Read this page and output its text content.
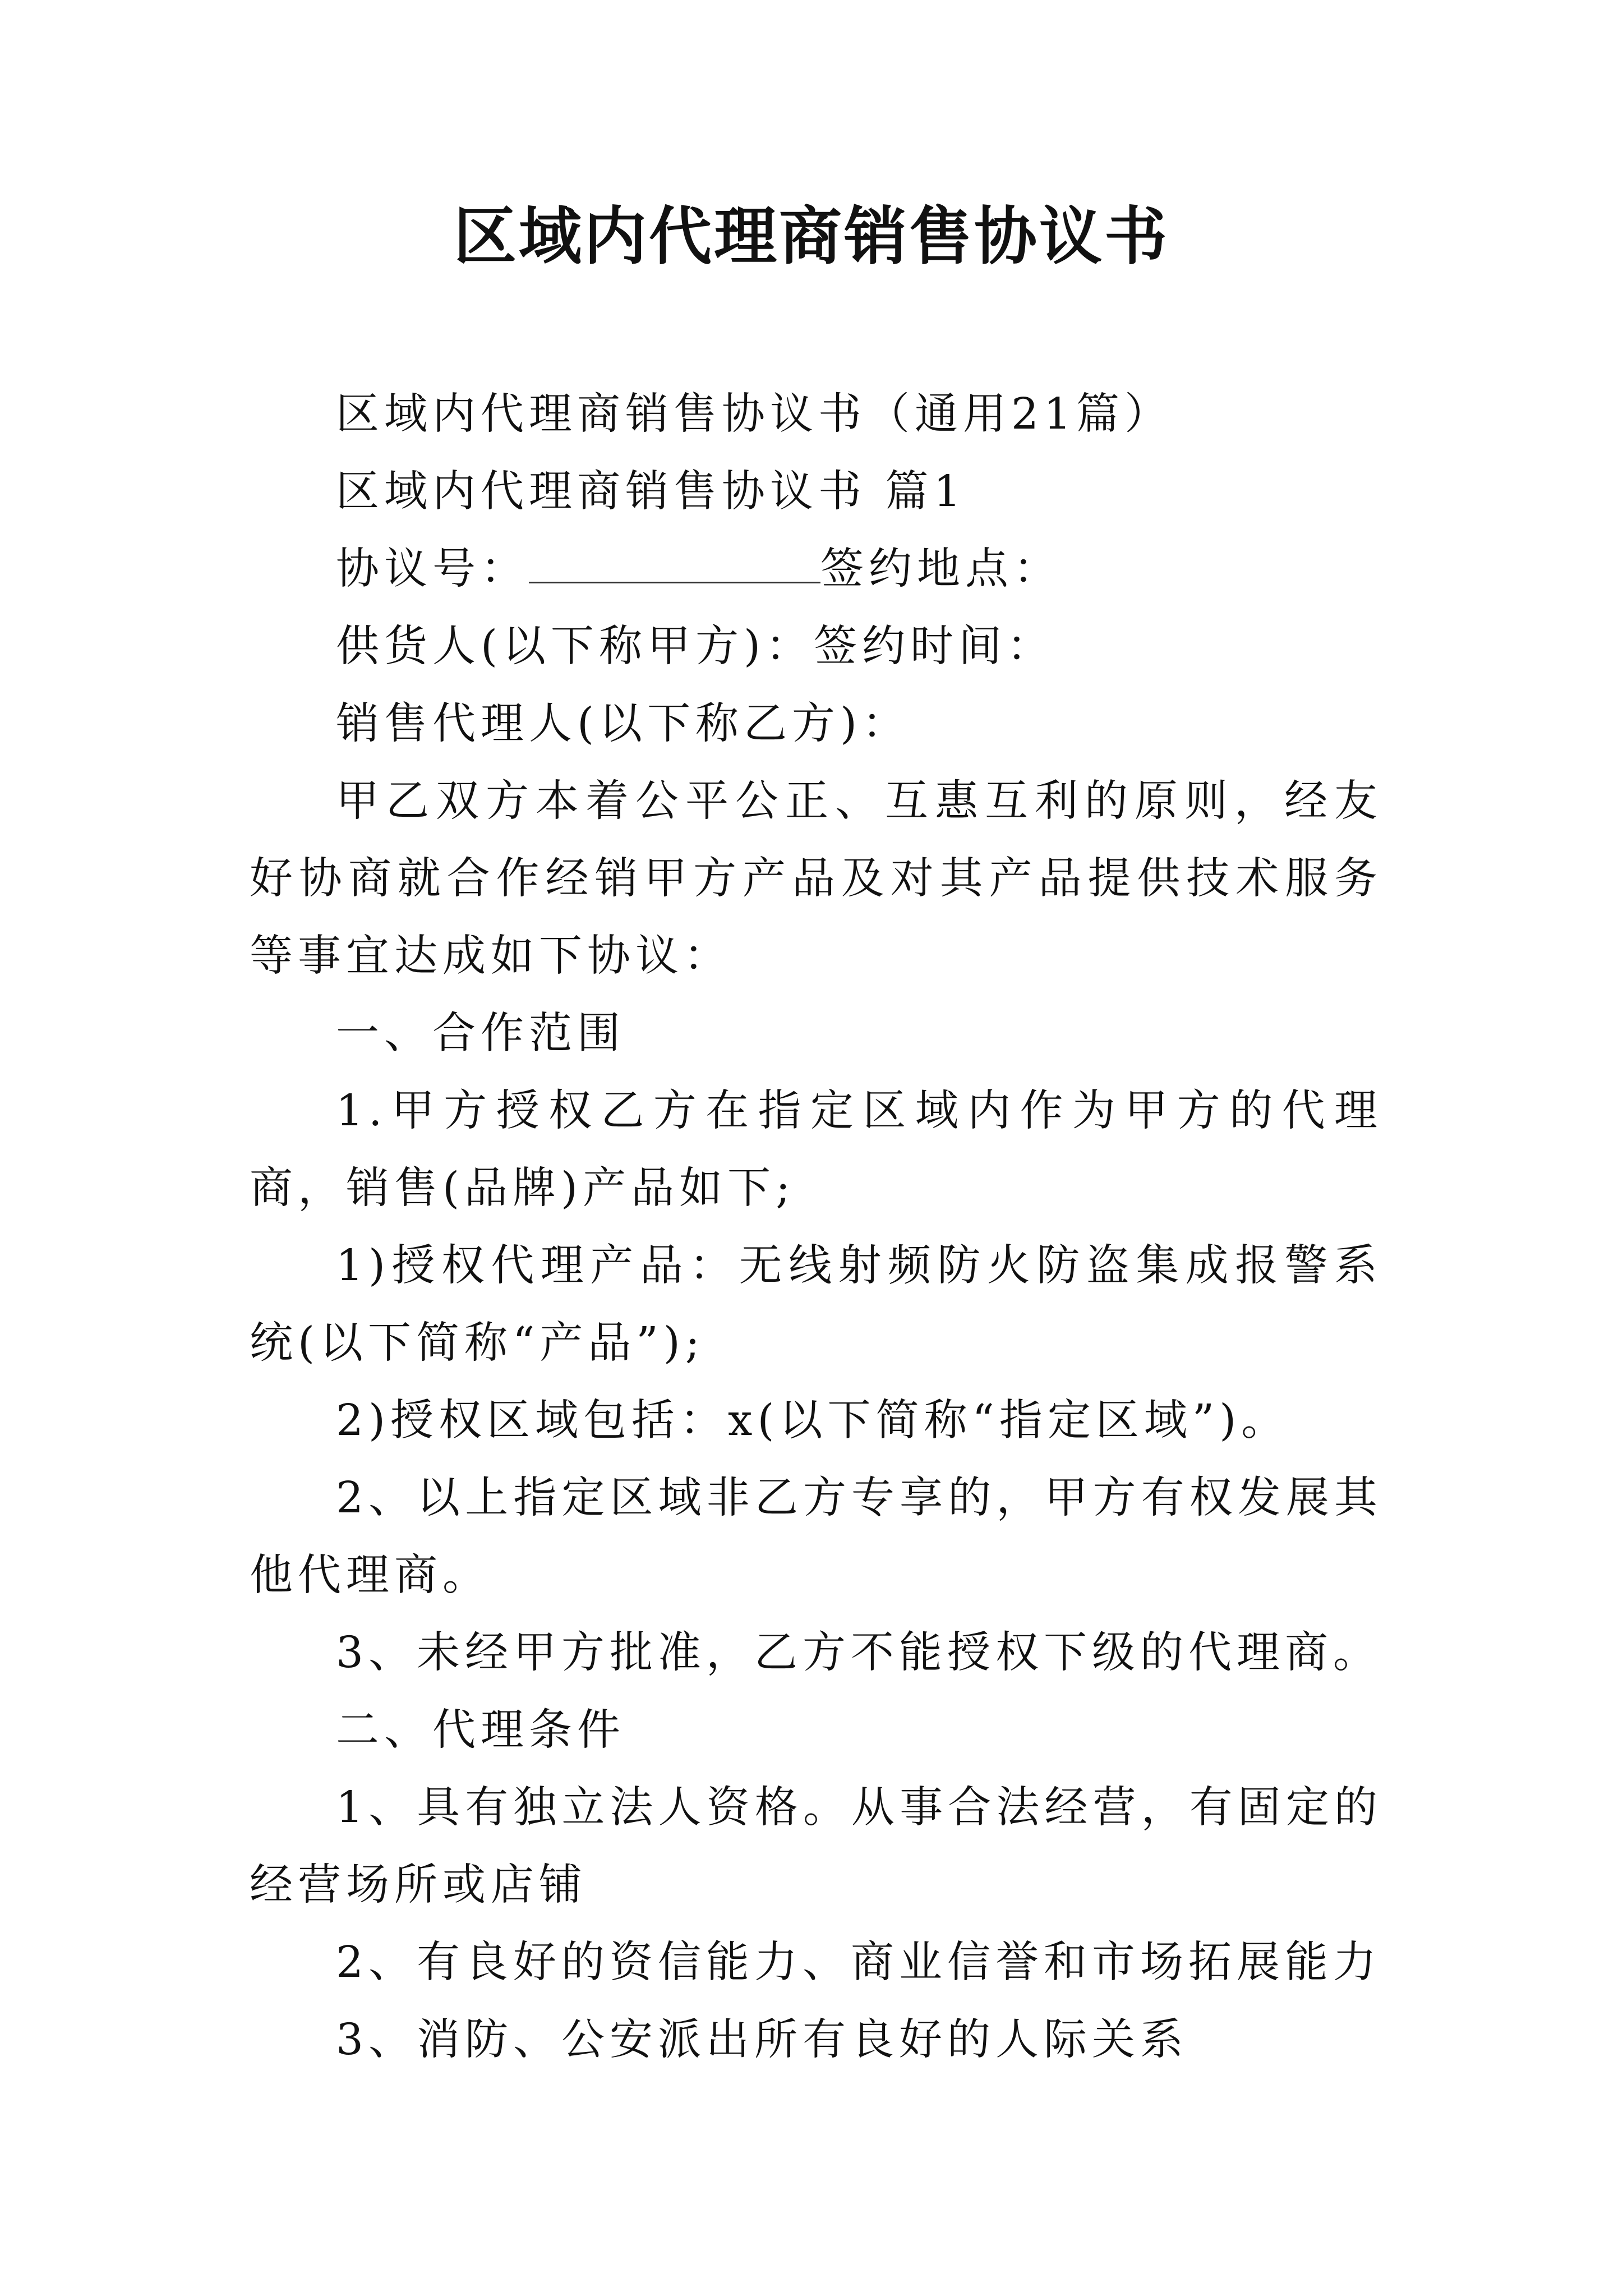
区域内代理商销售协议书

区域内代理商销售协议书（通用21篇）

区域内代理商销售协议书 篇1

协议号：	签约地点：

供货人(以下称甲方)：签约时间：

销售代理人(以下称乙方)：

甲乙双方本着公平公正、互惠互利的原则，经友好协商就合作经销甲方产品及对其产品提供技术服务等事宜达成如下协议：

一、合作范围

1.甲方授权乙方在指定区域内作为甲方的代理商，销售(品牌)产品如下;

1)授权代理产品：无线射频防火防盗集成报警系统(以下简称“产品”);

2)授权区域包括：x(以下简称“指定区域”)。

2、以上指定区域非乙方专享的，甲方有权发展其他代理商。

3、未经甲方批准，乙方不能授权下级的代理商。

二、代理条件

1、具有独立法人资格。从事合法经营，有固定的经营场所或店铺

2、有良好的资信能力、商业信誉和市场拓展能力

3、消防、公安派出所有良好的人际关系
